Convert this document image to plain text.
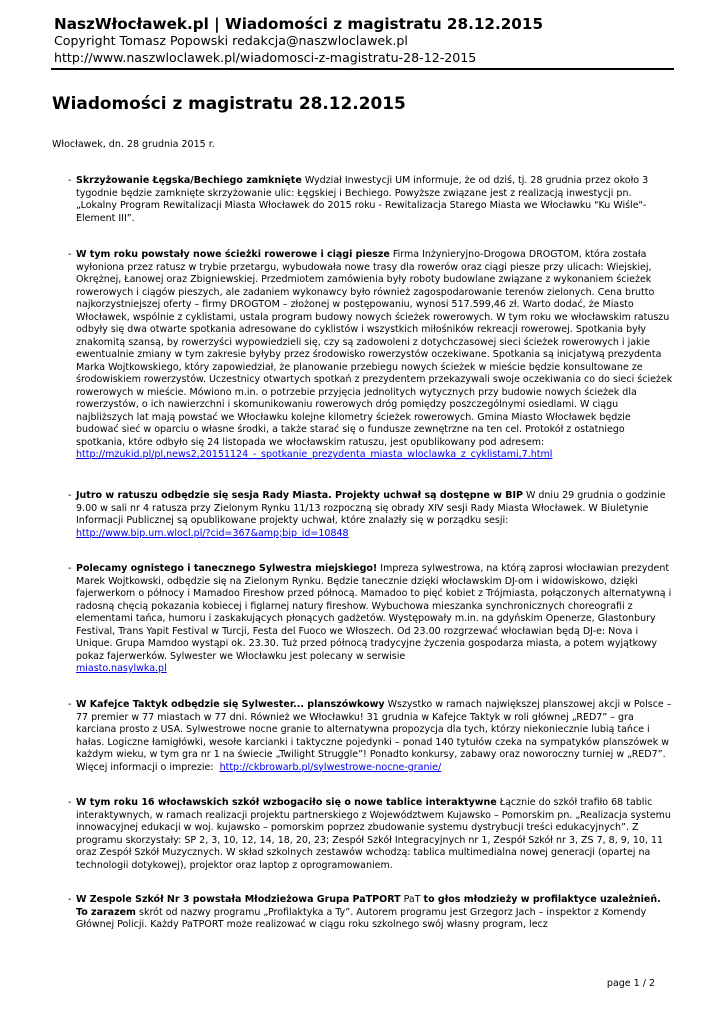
NaszWłocławek.pl | Wiadomości z magistratu 28.12.2015
Copyright Tomasz Popowski redakcja@naszwloclawek.pl
http://www.naszwloclawek.pl/wiadomosci-z-magistratu-28-12-2015
Wiadomości z magistratu 28.12.2015
Włocławek, dn. 28 grudnia 2015 r.
- Skrzyżowanie Łęgska/Bechiego zamknięte Wydział Inwestycji UM informuje, że od dziś, tj. 28 grudnia przez około 3 tygodnie będzie zamknięte skrzyżowanie ulic: Łęgskiej i Bechiego. Powyższe związane jest z realizacją inwestycji pn. „Lokalny Program Rewitalizacji Miasta Włocławek do 2015 roku - Rewitalizacja Starego Miasta we Włocławku "Ku Wiśle"-Element III”.
- W tym roku powstały nowe ścieżki rowerowe i ciągi piesze Firma Inżynieryjno-Drogowa DROGTOM, która została wyłoniona przez ratusz w trybie przetargu, wybudowała nowe trasy dla rowerów oraz ciągi piesze przy ulicach: Wiejskiej, Okrężnej, Łanowej oraz Zbigniewskiej. Przedmiotem zamówienia były roboty budowlane związane z wykonaniem ścieżek rowerowych i ciągów pieszych, ale zadaniem wykonawcy było również zagospodarowanie terenów zielonych. Cena brutto najkorzystniejszej oferty – firmy DROGTOM – złożonej w postępowaniu, wynosi 517.599,46 zł. Warto dodać, że Miasto Włocławek, wspólnie z cyklistami, ustala program budowy nowych ścieżek rowerowych. W tym roku we włocławskim ratuszu odbyły się dwa otwarte spotkania adresowane do cyklistów i wszystkich miłośników rekreacji rowerowej. Spotkania były znakomitą szansą, by rowerzyści wypowiedzieli się, czy są zadowoleni z dotychczasowej sieci ścieżek rowerowych i jakie ewentualnie zmiany w tym zakresie byłyby przez środowisko rowerzystów oczekiwane. Spotkania są inicjatywą prezydenta Marka Wojtkowskiego, który zapowiedział, że planowanie przebiegu nowych ścieżek w mieście będzie konsultowane ze środowiskiem rowerzystów. Uczestnicy otwartych spotkań z prezydentem przekazywali swoje oczekiwania co do sieci ścieżek rowerowych w mieście. Mówiono m.in. o potrzebie przyjęcia jednolitych wytycznych przy budowie nowych ścieżek dla rowerzystów, o ich nawierzchni i skomunikowaniu rowerowych dróg pomiędzy poszczególnymi osiedlami. W ciągu najbliższych lat mają powstać we Włocławku kolejne kilometry ścieżek rowerowych. Gmina Miasto Włocławek będzie budować sieć w oparciu o własne środki, a także starać się o fundusze zewnętrzne na ten cel. Protokół z ostatniego spotkania, które odbyło się 24 listopada we włocławskim ratuszu, jest opublikowany pod adresem:
http://mzukid.pl/pl,news2,20151124_-_spotkanie_prezydenta_miasta_wloclawka_z_cyklistami,7.html
- Jutro w ratuszu odbędzie się sesja Rady Miasta. Projekty uchwał są dostępne w BIP W dniu 29 grudnia o godzinie 9.00 w sali nr 4 ratusza przy Zielonym Rynku 11/13 rozpoczną się obrady XIV sesji Rady Miasta Włocławek. W Biuletynie Informacji Publicznej są opublikowane projekty uchwał, które znalazły się w porządku sesji:
http://www.bip.um.wlocl.pl/?cid=367&amp;bip_id=10848
- Polecamy ognistego i tanecznego Sylwestra miejskiego! Impreza sylwestrowa, na którą zaprosi włocławian prezydent Marek Wojtkowski, odbędzie się na Zielonym Rynku. Będzie tanecznie dzięki włocławskim DJ-om i widowiskowo, dzięki fajerwerkom o północy i Mamadoo Fireshow przed północą. Mamadoo to pięć kobiet z Trójmiasta, połączonych alternatywną i radosną chęcią pokazania kobiecej i figlarnej natury fireshow. Wybuchowa mieszanka synchronicznych choreografii z elementami tańca, humoru i zaskakujących płonących gadżetów. Występowały m.in. na gdyńskim Openerze, Glastonbury Festival, Trans Yapit Festival w Turcji, Festa del Fuoco we Włoszech. Od 23.00 rozgrzewać włocławian będą DJ-e: Nova i Unique. Grupa Mamdoo wystąpi ok. 23.30. Tuż przed północą tradycyjne życzenia gospodarza miasta, a potem wyjątkowy pokaz fajerwerków. Sylwester we Włocławku jest polecany w serwisie
miasto.nasylwka.pl
- W Kafejce Taktyk odbędzie się Sylwester... planszówkowy Wszystko w ramach największej planszowej akcji w Polsce – 77 premier w 77 miastach w 77 dni. Również we Włocławku! 31 grudnia w Kafejce Taktyk w roli głównej „RED7” – gra karciana prosto z USA. Sylwestrowe nocne granie to alternatywna propozycja dla tych, którzy niekoniecznie lubią tańce i hałas. Logiczne łamigłówki, wesołe karcianki i taktyczne pojedynki – ponad 140 tytułów czeka na sympatyków planszówek w każdym wieku, w tym gra nr 1 na świecie „Twilight Struggle”! Ponadto konkursy, zabawy oraz noworoczny turniej w „RED7”. Więcej informacji o imprezie: http://ckbrowarb.pl/sylwestrowe-nocne-granie/
- W tym roku 16 włocławskich szkół wzbogaciło się o nowe tablice interaktywne Łącznie do szkół trafiło 68 tablic interaktywnych, w ramach realizacji projektu partnerskiego z Województwem Kujawsko – Pomorskim pn. „Realizacja systemu innowacyjnej edukacji w woj. kujawsko – pomorskim poprzez zbudowanie systemu dystrybucji treści edukacyjnych”. Z programu skorzystały: SP 2, 3, 10, 12, 14, 18, 20, 23; Zespół Szkół Integracyjnych nr 1, Zespół Szkół nr 3, ZS 7, 8, 9, 10, 11 oraz Zespół Szkół Muzycznych. W skład szkolnych zestawów wchodzą: tablica multimedialna nowej generacji (opartej na technologii dotykowej), projektor oraz laptop z oprogramowaniem.
- W Zespole Szkół Nr 3 powstała Młodzieżowa Grupa PaTPORT PaT to głos młodzieży w profilaktyce uzależnień. To zarazem skrót od nazwy programu „Profilaktyka a Ty”. Autorem programu jest Grzegorz Jach – inspektor z Komendy Głównej Policji. Każdy PaTPORT może realizować w ciągu roku szkolnego swój własny program, lecz
page 1 / 2
